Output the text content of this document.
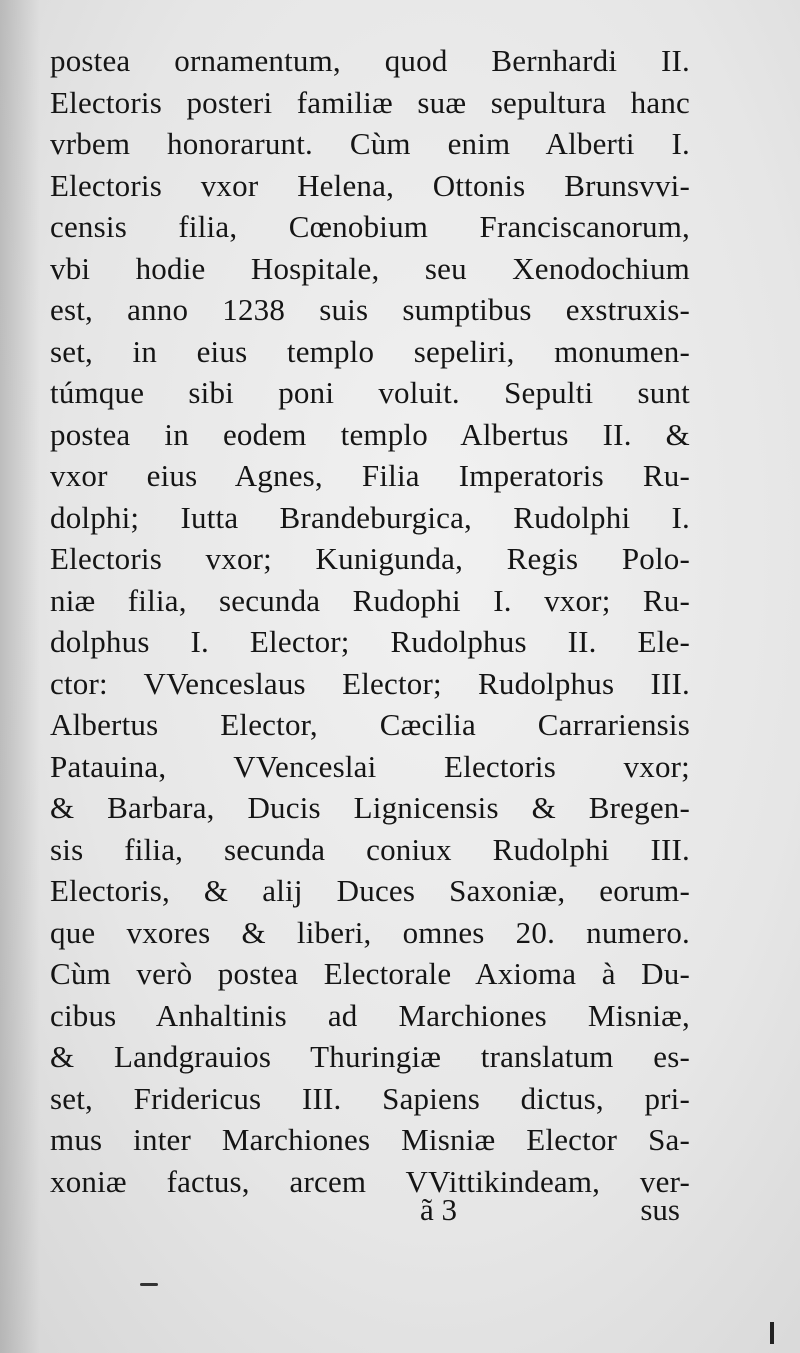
postea ornamentum, quod Bernhardi II.
Electoris posteri familiæ suæ sepultura hanc
vrbem honorarunt. Cùm enim Alberti I.
Electoris vxor Helena, Ottonis Brunsvvi-
censis filia, Cœnobium Franciscanorum,
vbi hodie Hospitale, seu Xenodochium
est, anno 1238 suis sumptibus exstruxis-
set, in eius templo sepeliri, monumen-
túmque sibi poni voluit. Sepulti sunt
postea in eodem templo Albertus II. &
vxor eius Agnes, Filia Imperatoris Ru-
dolphi; Iutta Brandeburgica, Rudolphi I.
Electoris vxor; Kunigunda, Regis Polo-
niæ filia, secunda Rudophi I. vxor; Ru-
dolphus I. Elector; Rudolphus II. Ele-
ctor: VVenceslaus Elector; Rudolphus III.
Albertus Elector, Cæcilia Carrariensis
Patauina, VVenceslai Electoris vxor;
& Barbara, Ducis Lignicensis & Bregen-
sis filia, secunda coniux Rudolphi III.
Electoris, & alij Duces Saxoniæ, eorum-
que vxores & liberi, omnes 20. numero.
Cùm verò postea Electorale Axioma à Du-
cibus Anhaltinis ad Marchiones Misniæ,
& Landgrauios Thuringiæ translatum es-
set, Fridericus III. Sapiens dictus, pri-
mus inter Marchiones Misniæ Elector Sa-
xoniæ factus, arcem VVittikindeam, ver-
ã 3	sus
